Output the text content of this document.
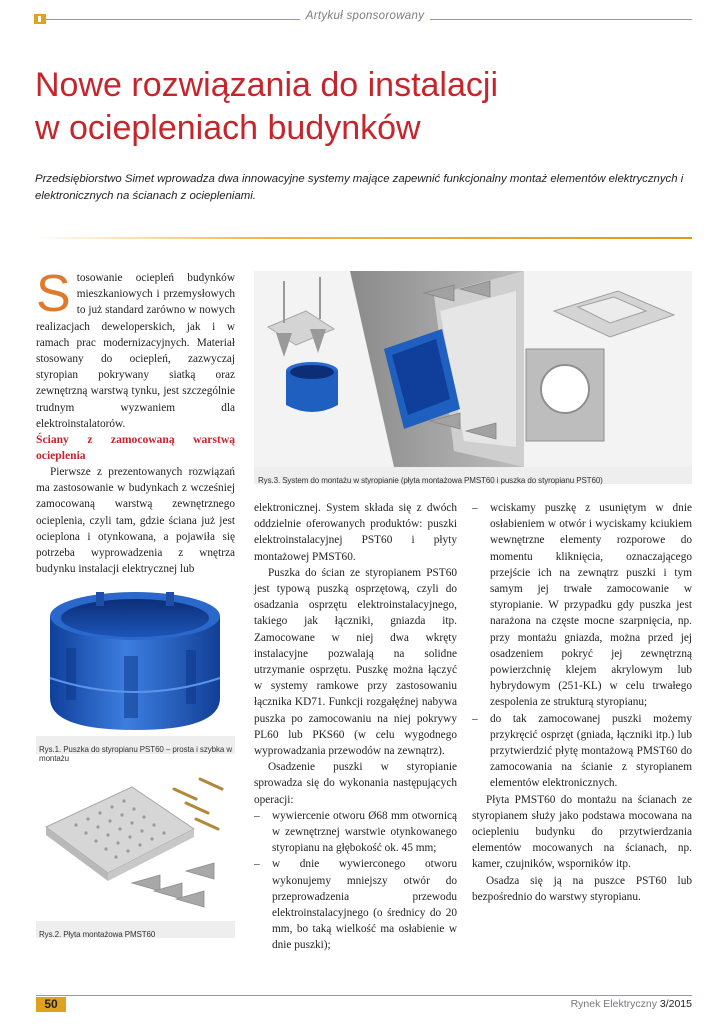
Artykuł sponsorowany
Nowe rozwiązania do instalacji
w ociepleniach budynków

Przedsiębiorstwo Simet wprowadza dwa innowacyjne systemy mające zapewnić funkcjonalny montaż elementów elektrycznych i elektronicznych na ścianach z ociepleniami.

Stosowanie ociepleń budynków mieszkaniowych i przemysłowych to już standard zarówno w nowych realizacjach deweloperskich, jak i w ramach prac modernizacyjnych. Materiał stosowany do ociepleń, zazwyczaj styropian pokrywany siatką oraz zewnętrzną warstwą tynku, jest szczególnie trudnym wyzwaniem dla elektroinstalatorów.

Ściany z zamocowaną warstwą ocieplenia

Pierwsze z prezentowanych rozwiązań ma zastosowanie w budynkach z wcześniej zamocowaną warstwą zewnętrznego ocieplenia, czyli tam, gdzie ściana już jest ocieplona i otynkowana, a pojawiła się potrzeba wyprowadzenia z wnętrza budynku instalacji elektrycznej lub

Rys.1. Puszka do styropianu PST60 – prosta i szybka w montażu
Rys.2. Płyta montażowa PMST60
Rys.3. System do montażu w styropianie (płyta montażowa PMST60 i puszka do styropianu PST60)

elektronicznej. System składa się z dwóch oddzielnie oferowanych produktów: puszki elektroinstalacyjnej PST60 i płyty montażowej PMST60.

Puszka do ścian ze styropianem PST60 jest typową puszką osprzętową, czyli do osadzania osprzętu elektroinstalacyjnego, takiego jak łączniki, gniazda itp. Zamocowane w niej dwa wkręty instalacyjne pozwalają na solidne utrzymanie osprzętu. Puszkę można łączyć w systemy ramkowe przy zastosowaniu łącznika KD71. Funkcji rozgałęźnej nabywa puszka po zamocowaniu na niej pokrywy PL60 lub PKS60 (w celu wygodnego wyprowadzania przewodów na zewnątrz).

Osadzenie puszki w styropianie sprowadza się do wykonania następujących operacji:

–	wywiercenie otworu Ø68 mm otwornicą w zewnętrznej warstwie otynkowanego styropianu na głębokość ok. 45 mm;
–	w dnie wywierconego otworu wykonujemy mniejszy otwór do przeprowadzenia przewodu elektroinstalacyjnego (o średnicy do 20 mm, bo taką wielkość ma osłabienie w dnie puszki);
–	wciskamy puszkę z usuniętym w dnie osłabieniem w otwór i wyciskamy kciukiem wewnętrzne elementy rozporowe do momentu kliknięcia, oznaczającego przejście ich na zewnątrz puszki i tym samym jej trwałe zamocowanie w styropianie. W przypadku gdy puszka jest narażona na częste mocne szarpnięcia, np. przy montażu gniazda, można przed jej osadzeniem pokryć jej zewnętrzną powierzchnię klejem akrylowym lub hybrydowym (251-KL) w celu trwałego zespolenia ze strukturą styropianu;
–	do tak zamocowanej puszki możemy przykręcić osprzęt (gniada, łączniki itp.) lub przytwierdzić płytę montażową PMST60 do zamocowania na ścianie z styropianem elementów elektronicznych.

Płyta PMST60 do montażu na ścianach ze styropianem służy jako podstawa mocowana na ociepleniu budynku do przytwierdzania elementów mocowanych na ścianach, np. kamer, czujników, wsporników itp.

Osadza się ją na puszce PST60 lub bezpośrednio do warstwy styropianu.

50	Rynek Elektryczny 3/2015
